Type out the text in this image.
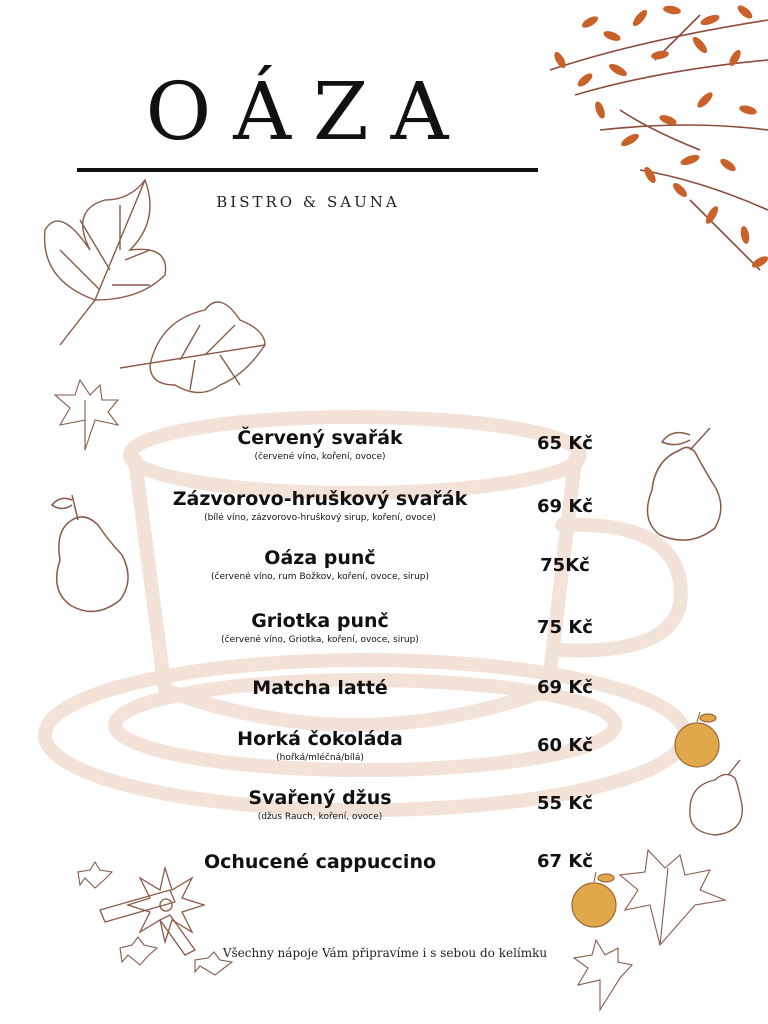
OÁZA
BISTRO & SAUNA
Červený svařák
(červené víno, koření, ovoce)
65 Kč
Zázvorovo-hruškový svařák
(bílé víno, zázvorovo-hruškový sirup, koření, ovoce)
69 Kč
Oáza punč
(červené víno, rum Božkov, koření, ovoce, sirup)
75Kč
Griotka punč
(červené víno, Griotka, koření, ovoce, sirup)
75 Kč
Matcha latté	69 Kč
Horká čokoláda
(hořká/mléčná/bílá)
60 Kč
Svařený džus
(džus Rauch, koření, ovoce)
55 Kč
Ochucené cappuccino	67 Kč
Všechny nápoje Vám připravíme i s sebou do kelímku
